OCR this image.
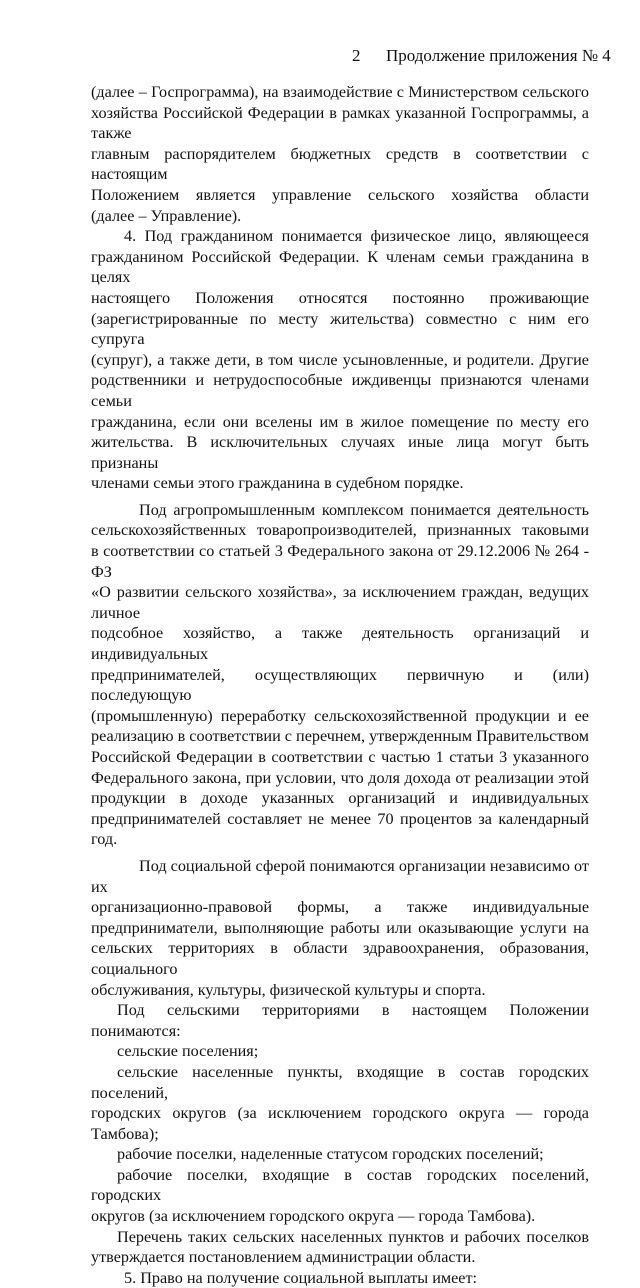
2 Продолжение приложения № 4
(далее – Госпрограмма), на взаимодействие с Министерством сельского
хозяйства Российской Федерации в рамках указанной Госпрограммы, а также
главным распорядителем бюджетных средств в соответствии с настоящим
Положением является управление сельского хозяйства области
(далее – Управление).
4. Под гражданином понимается физическое лицо, являющееся
гражданином Российской Федерации. К членам семьи гражданина в целях
настоящего Положения относятся постоянно проживающие
(зарегистрированные по месту жительства) совместно с ним его супруга
(супруг), а также дети, в том числе усыновленные, и родители. Другие
родственники и нетрудоспособные иждивенцы признаются членами семьи
гражданина, если они вселены им в жилое помещение по месту его
жительства. В исключительных случаях иные лица могут быть признаны
членами семьи этого гражданина в судебном порядке.
Под агропромышленным комплексом понимается деятельность
сельскохозяйственных товаропроизводителей, признанных таковыми
в соответствии со статьей 3 Федерального закона от 29.12.2006 № 264 - ФЗ
«О развитии сельского хозяйства», за исключением граждан, ведущих личное
подсобное хозяйство, а также деятельность организаций и индивидуальных
предпринимателей, осуществляющих первичную и (или) последующую
(промышленную) переработку сельскохозяйственной продукции и ее
реализацию в соответствии с перечнем, утвержденным Правительством
Российской Федерации в соответствии с частью 1 статьи 3 указанного
Федерального закона, при условии, что доля дохода от реализации этой
продукции в доходе указанных организаций и индивидуальных
предпринимателей составляет не менее 70 процентов за календарный год.
Под социальной сферой понимаются организации независимо от их
организационно-правовой формы, а также индивидуальные
предприниматели, выполняющие работы или оказывающие услуги на
сельских территориях в области здравоохранения, образования, социального
обслуживания, культуры, физической культуры и спорта.
Под сельскими территориями в настоящем Положении понимаются:
сельские поселения;
сельские населенные пункты, входящие в состав городских поселений,
городских округов (за исключением городского округа — города Тамбова);
рабочие поселки, наделенные статусом городских поселений;
рабочие поселки, входящие в состав городских поселений, городских
округов (за исключением городского округа — города Тамбова).
Перечень таких сельских населенных пунктов и рабочих поселков
утверждается постановлением администрации области.
5. Право на получение социальной выплаты имеет:
